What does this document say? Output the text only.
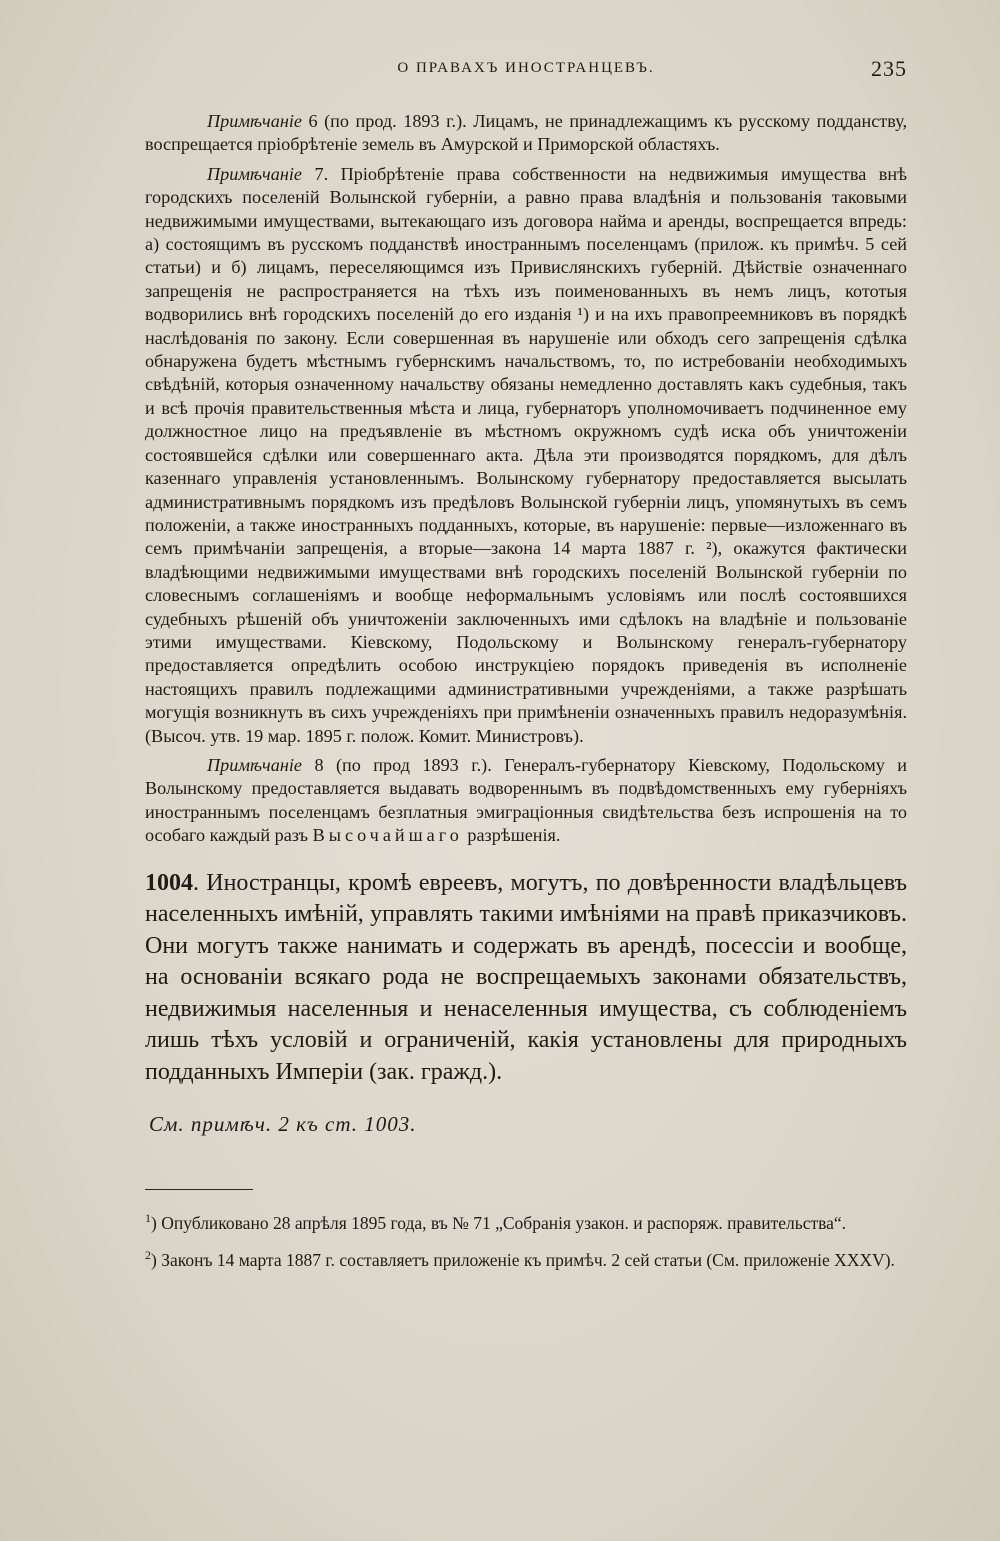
О ПРАВАХЪ ИНОСТРАНЦЕВЪ.	235

Примѣчаніе 6 (по прод. 1893 г.). Лицамъ, не принадлежащимъ къ русскому подданству, воспрещается пріобрѣтеніе земель въ Амурской и Приморской областяхъ.

Примѣчаніе 7. Пріобрѣтеніе права собственности на недвижимыя имущества внѣ городскихъ поселеній Волынской губерніи, а равно права владѣнія и пользованія таковыми недвижимыми имуществами, вытекающаго изъ договора найма и аренды, воспрещается впредь: а) состоящимъ въ русскомъ подданствѣ иностраннымъ поселенцамъ (прилож. къ примѣч. 5 сей статьи) и б) лицамъ, переселяющимся изъ Привислянскихъ губерній. Дѣйствіе означеннаго запрещенія не распространяется на тѣхъ изъ поименованныхъ въ немъ лицъ, кототыя водворились внѣ городскихъ поселеній до его изданія ¹) и на ихъ правопреемниковъ въ порядкѣ наслѣдованія по закону. Если совершенная въ нарушеніе или обходъ сего запрещенія сдѣлка обнаружена будетъ мѣстнымъ губернскимъ начальствомъ, то, по истребованіи необходимыхъ свѣдѣній, которыя означенному начальству обязаны немедленно доставлять какъ судебныя, такъ и всѣ прочія правительственныя мѣста и лица, губернаторъ уполномочиваетъ подчиненное ему должностное лицо на предъявленіе въ мѣстномъ окружномъ судѣ иска объ уничтоженіи состоявшейся сдѣлки или совершеннаго акта. Дѣла эти производятся порядкомъ, для дѣлъ казеннаго управленія установленнымъ. Волынскому губернатору предоставляется высылать административнымъ порядкомъ изъ предѣловъ Волынской губерніи лицъ, упомянутыхъ въ семъ положеніи, а также иностранныхъ подданныхъ, которые, въ нарушеніе: первые—изложеннаго въ семъ примѣчаніи запрещенія, а вторые—закона 14 марта 1887 г. ²), окажутся фактически владѣющими недвижимыми имуществами внѣ городскихъ поселеній Волынской губерніи по словеснымъ соглашеніямъ и вообще неформальнымъ условіямъ или послѣ состоявшихся судебныхъ рѣшеній объ уничтоженіи заключенныхъ ими сдѣлокъ на владѣніе и пользованіе этими имуществами. Кіевскому, Подольскому и Волынскому генералъ-губернатору предоставляется опредѣлить особою инструкціею порядокъ приведенія въ исполненіе настоящихъ правилъ подлежащими административными учрежденіями, а также разрѣшать могущія возникнуть въ сихъ учрежденіяхъ при примѣненіи означенныхъ правилъ недоразумѣнія. (Высоч. утв. 19 мар. 1895 г. полож. Комит. Министровъ).

Примѣчаніе 8 (по прод 1893 г.). Генералъ-губернатору Кіевскому, Подольскому и Волынскому предоставляется выдавать водвореннымъ въ подвѣдомственныхъ ему губерніяхъ иностраннымъ поселенцамъ безплатныя эмиграціонныя свидѣтельства безъ испрошенія на то особаго каждый разъ Высочайшаго разрѣшенія.

1004. Иностранцы, кромѣ евреевъ, могутъ, по довѣренности владѣльцевъ населенныхъ имѣній, управлять такими имѣніями на правѣ приказчиковъ. Они могутъ также нанимать и содержать въ арендѣ, посессіи и вообще, на основаніи всякаго рода не воспрещаемыхъ законами обязательствъ, недвижимыя населенныя и ненаселенныя имущества, съ соблюденіемъ лишь тѣхъ условій и ограниченій, какія установлены для природныхъ подданныхъ Имперіи (зак. гражд.).

См. примѣч. 2 къ ст. 1003.

$^1$) Опубликовано 28 апрѣля 1895 года, въ № 71 „Собранія узакон. и распоряж. правительства“.

$^2$) Законъ 14 марта 1887 г. составляетъ приложеніе къ примѣч. 2 сей статьи (См. приложеніе XXXV).
